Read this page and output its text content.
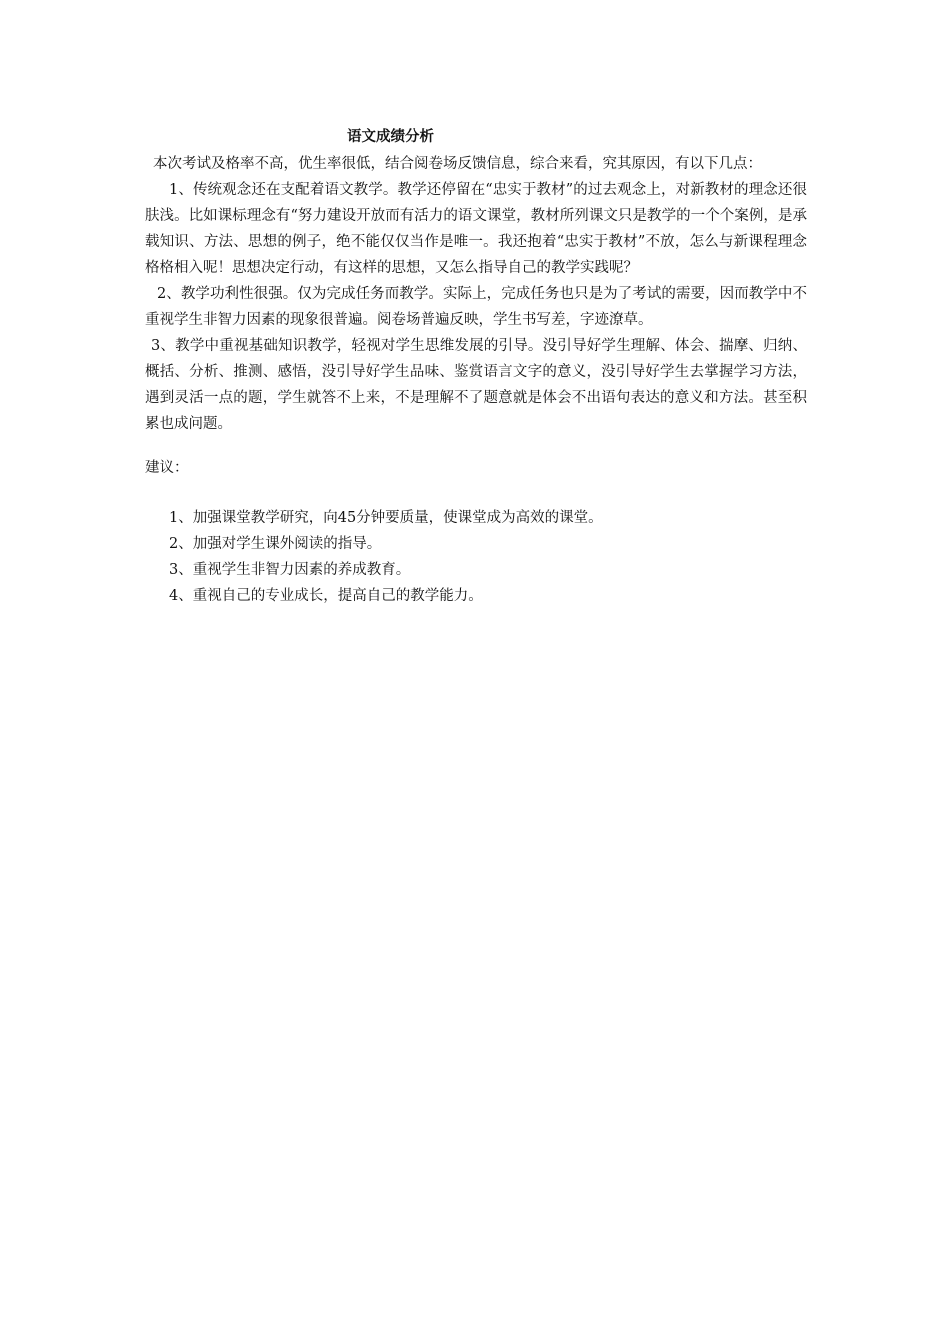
语文成绩分析

本次考试及格率不高，优生率很低，结合阅卷场反馈信息，综合来看，究其原因，有以下几点：

1、传统观念还在支配着语文教学。教学还停留在“忠实于教材”的过去观念上，对新教材的理念还很肤浅。比如课标理念有“努力建设开放而有活力的语文课堂，教材所列课文只是教学的一个个案例，是承载知识、方法、思想的例子，绝不能仅仅当作是唯一。我还抱着“忠实于教材”不放，怎么与新课程理念格格相入呢！思想决定行动，有这样的思想，又怎么指导自己的教学实践呢？

2、教学功利性很强。仅为完成任务而教学。实际上，完成任务也只是为了考试的需要，因而教学中不重视学生非智力因素的现象很普遍。阅卷场普遍反映，学生书写差，字迹潦草。

3、教学中重视基础知识教学，轻视对学生思维发展的引导。没引导好学生理解、体会、揣摩、归纳、概括、分析、推测、感悟，没引导好学生品味、鉴赏语言文字的意义，没引导好学生去掌握学习方法，遇到灵活一点的题，学生就答不上来，不是理解不了题意就是体会不出语句表达的意义和方法。甚至积累也成问题。

建议：

1、加强课堂教学研究，向45分钟要质量，使课堂成为高效的课堂。
2、加强对学生课外阅读的指导。
3、重视学生非智力因素的养成教育。
4、重视自己的专业成长，提高自己的教学能力。
